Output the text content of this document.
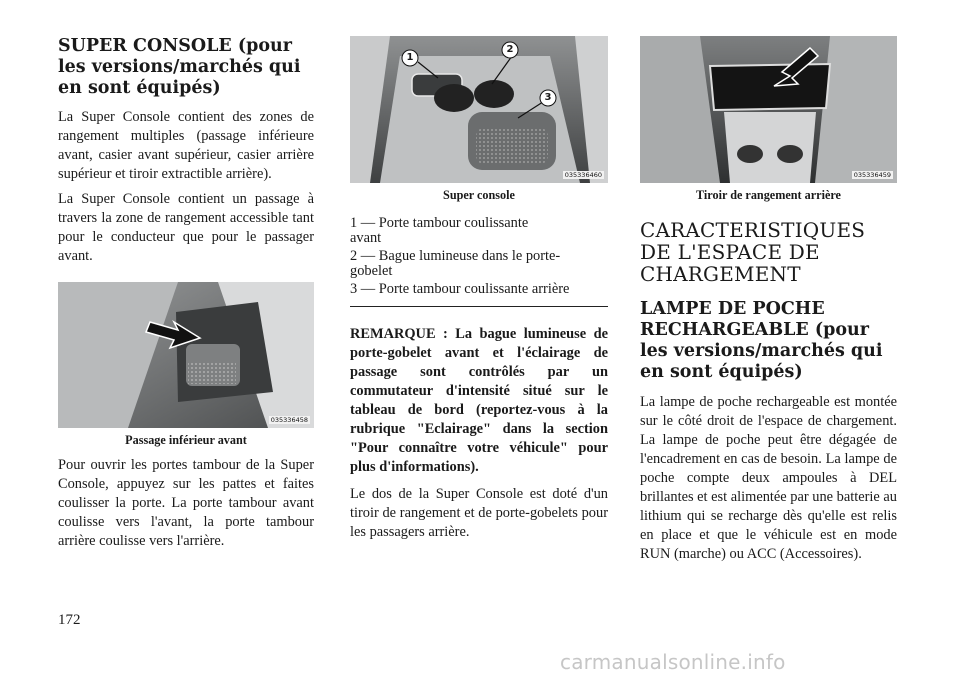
SUPER CONSOLE (pour les versions/marchés qui en sont équipés)

La Super Console contient des zones de rangement multiples (passage inférieure avant, casier avant supérieur, casier arrière supérieur et tiroir extractible arrière).

La Super Console contient un passage à travers la zone de rangement accessible tant pour le conducteur que pour le passager avant.

035336458
Passage inférieur avant

Pour ouvrir les portes tambour de la Super Console, appuyez sur les pattes et faites coulisser la porte. La porte tambour avant coulisse vers l'avant, la porte tambour arrière coulisse vers l'arrière.

1
2
3
035336460
Super console
1 — Porte tambour coulissante avant
2 — Bague lumineuse dans le porte-gobelet
3 — Porte tambour coulissante arrière

REMARQUE : La bague lumineuse de porte-gobelet avant et l'éclairage de passage sont contrôlés par un commutateur d'intensité situé sur le tableau de bord (reportez-vous à la rubrique "Eclairage" dans la section "Pour connaître votre véhicule" pour plus d'informations).

Le dos de la Super Console est doté d'un tiroir de rangement et de porte-gobelets pour les passagers arrière.

035336459
Tiroir de rangement arrière
CARACTERISTIQUES DE L'ESPACE DE CHARGEMENT
LAMPE DE POCHE RECHARGEABLE (pour les versions/marchés qui en sont équipés)

La lampe de poche rechargeable est montée sur le côté droit de l'espace de chargement. La lampe de poche peut être dégagée de l'encadrement en cas de besoin. La lampe de poche compte deux ampoules à DEL brillantes et est alimentée par une batterie au lithium qui se recharge dès qu'elle est relis en place et que le véhicule est en mode RUN (marche) ou ACC (Accessoires).

172
carmanualsonline.info
